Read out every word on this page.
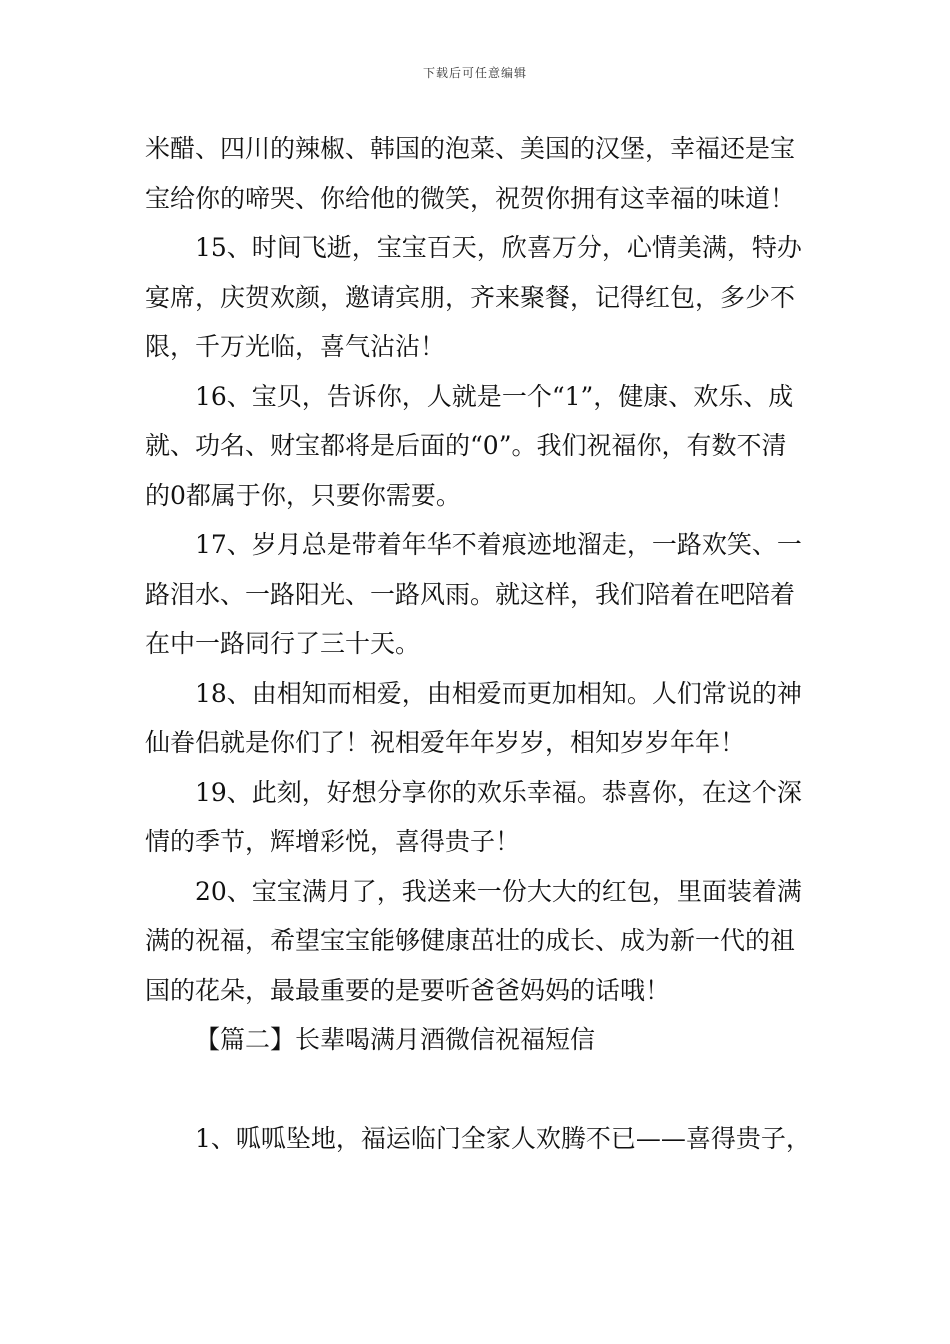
下载后可任意编辑

米醋、四川的辣椒、韩国的泡菜、美国的汉堡，幸福还是宝宝给你的啼哭、你给他的微笑，祝贺你拥有这幸福的味道！

15、时间飞逝，宝宝百天，欣喜万分，心情美满，特办宴席，庆贺欢颜，邀请宾朋，齐来聚餐，记得红包，多少不限，千万光临，喜气沾沾！

16、宝贝，告诉你，人就是一个“1”，健康、欢乐、成就、功名、财宝都将是后面的“0”。我们祝福你，有数不清的0都属于你，只要你需要。

17、岁月总是带着年华不着痕迹地溜走，一路欢笑、一路泪水、一路阳光、一路风雨。就这样，我们陪着在吧陪着在中一路同行了三十天。

18、由相知而相爱，由相爱而更加相知。人们常说的神仙眷侣就是你们了！祝相爱年年岁岁，相知岁岁年年！

19、此刻，好想分享你的欢乐幸福。恭喜你，在这个深情的季节，辉增彩悦，喜得贵子！

20、宝宝满月了，我送来一份大大的红包，里面装着满满的祝福，希望宝宝能够健康茁壮的成长、成为新一代的祖国的花朵，最最重要的是要听爸爸妈妈的话哦！

【篇二】长辈喝满月酒微信祝福短信

1、呱呱坠地，福运临门全家人欢腾不已——喜得贵子，
